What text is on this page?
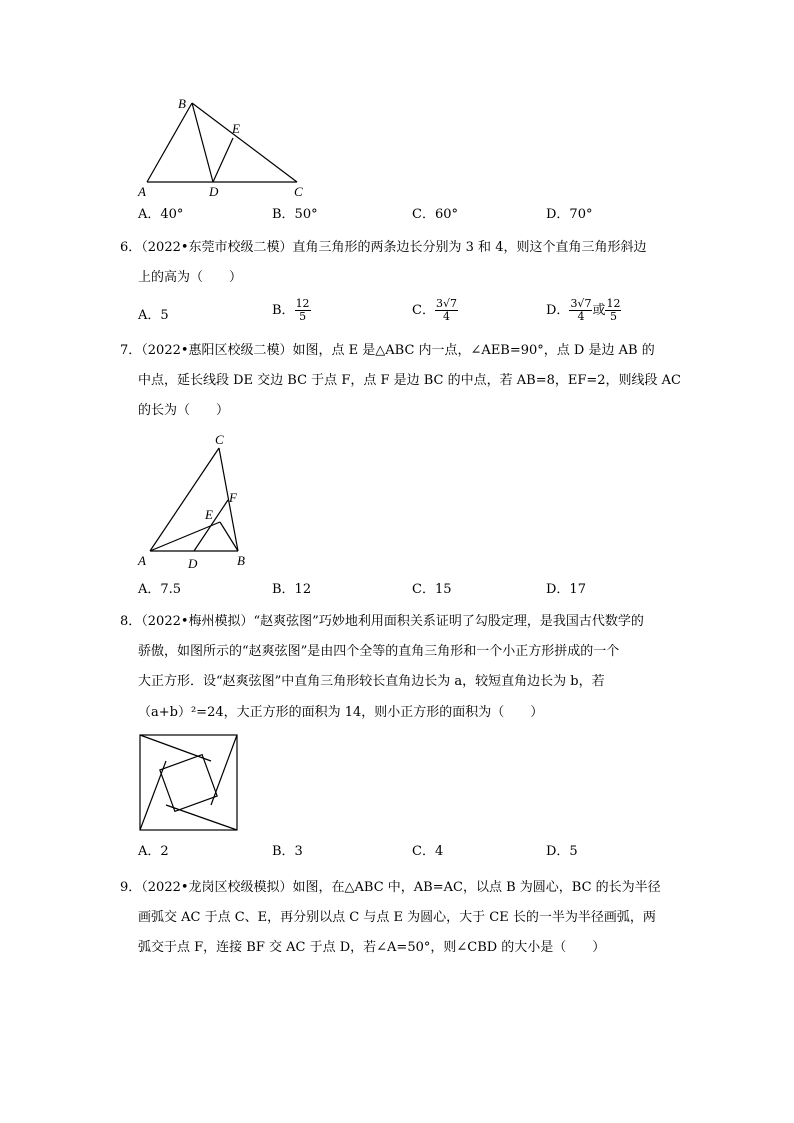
B
E
A	D	C
A．40°	B．50°	C．60°	D．70°
6．（2022•东莞市校级二模）直角三角形的两条边长分别为 3 和 4，则这个直角三角形斜边
上的高为（　　）
A．5	B． $\frac{12}{5}$	C． $\frac{3√7}{4}$	D． $\frac{3√7}{4}$ 或 $\frac{12}{5}$
7．（2022•惠阳区校级二模）如图，点 E 是△ABC 内一点，∠AEB=90°，点 D 是边 AB 的
中点，延长线段 DE 交边 BC 于点 F，点 F 是边 BC 的中点，若 AB=8，EF=2，则线段 AC
的长为（　　）
C
F
E
A	D	B
A．7.5	B．12	C．15	D．17
8．（2022•梅州模拟）“赵爽弦图”巧妙地利用面积关系证明了勾股定理，是我国古代数学的
骄傲，如图所示的“赵爽弦图”是由四个全等的直角三角形和一个小正方形拼成的一个
大正方形．设“赵爽弦图”中直角三角形较长直角边长为 a，较短直角边长为 b，若
（a+b）²=24，大正方形的面积为 14，则小正方形的面积为（　　）
A．2	B．3	C．4	D．5
9．（2022•龙岗区校级模拟）如图，在△ABC 中，AB=AC，以点 B 为圆心，BC 的长为半径
画弧交 AC 于点 C、E，再分别以点 C 与点 E 为圆心，大于 CE 长的一半为半径画弧，两
弧交于点 F，连接 BF 交 AC 于点 D，若∠A=50°，则∠CBD 的大小是（　　）
